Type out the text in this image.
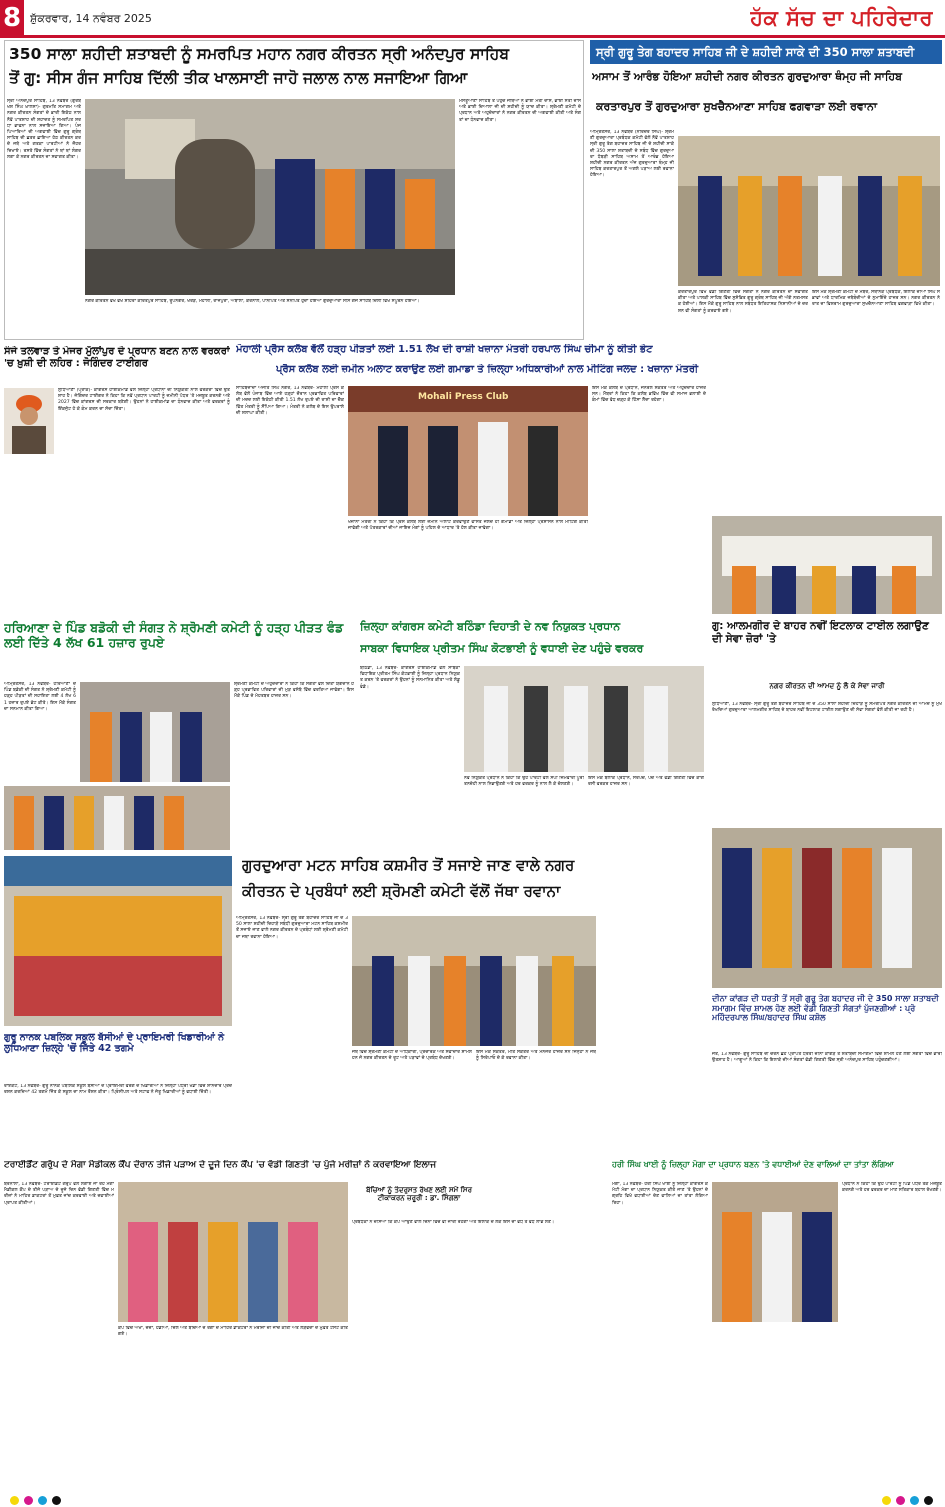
8 ਸ਼ੁੱਕਰਵਾਰ, 14 ਨਵੰਬਰ 2025	ਹੱਕ ਸੱਚ ਦਾ ਪਹਿਰੇਦਾਰ
350 ਸਾਲਾ ਸ਼ਹੀਦੀ ਸ਼ਤਾਬਦੀ ਨੂੰ ਸਮਰਪਿਤ ਮਹਾਨ ਨਗਰ ਕੀਰਤਨ ਸ੍ਰੀ ਅਨੰਦਪੁਰ ਸਾਹਿਬ
ਤੋਂ ਗੁ: ਸੀਸ ਗੰਜ ਸਾਹਿਬ ਦਿੱਲੀ ਤੀਕ ਖਾਲਸਾਈ ਜਾਹੋ ਜਲਾਲ ਨਾਲ ਸਜਾਇਆ ਗਿਆ
ਸ੍ਰੀ ਅਨੰਦਪੁਰ ਸਾਹਿਬ, 13 ਨਵੰਬਰ (ਗੁਰਬਖਸ਼ ਸਿੰਘ ਖ਼ਾਲਸਾ)- ਗੁਰਮਤਿ ਸਮਾਗਮ ਅਤੇ ਨਗਰ ਕੀਰਤਨ ਸੰਗਤਾਂ ਦੇ ਭਾਰੀ ਇਕੱਠ ਨਾਲ ਨੌਵੇਂ ਪਾਤਸ਼ਾਹ ਦੀ ਸ਼ਹਾਦਤ ਨੂੰ ਸਮਰਪਿਤ ਸ਼ਰਧਾ ਭਾਵਨਾ ਨਾਲ ਸਜਾਇਆ ਗਿਆ। ਪੰਜ ਪਿਆਰਿਆਂ ਦੀ ਅਗਵਾਈ ਵਿੱਚ ਗੁਰੂ ਗ੍ਰੰਥ ਸਾਹਿਬ ਦੀ ਛਤਰ ਛਾਇਆ ਹੇਠ ਕੀਰਤਨ ਕਰਦੇ ਜਥੇ ਅਤੇ ਗਤਕਾ ਪਾਰਟੀਆਂ ਨੇ ਜੌਹਰ ਦਿਖਾਏ। ਰਸਤੇ ਵਿੱਚ ਸੰਗਤਾਂ ਨੇ ਥਾਂ ਥਾਂ ਲੰਗਰ ਲਗਾ ਕੇ ਨਗਰ ਕੀਰਤਨ ਦਾ ਸਵਾਗਤ ਕੀਤਾ।
ਨਗਰ ਕੀਰਤਨ ਵੱਖ ਵੱਖ ਸ਼ਹਿਰਾਂ ਕੀਰਤਪੁਰ ਸਾਹਿਬ, ਰੂਪਨਗਰ, ਖਰੜ, ਮੋਹਾਲੀ, ਰਾਜਪੁਰਾ, ਅੰਬਾਲਾ, ਕਰਨਾਲ, ਪਾਨੀਪਤ ਅਤੇ ਸੋਨੀਪਤ ਹੁੰਦਾ ਹੋਇਆ ਗੁਰਦੁਆਰਾ ਸੀਸ ਗੰਜ ਸਾਹਿਬ ਦਿੱਲੀ ਵਿਖੇ ਸੰਪੂਰਨ ਹੋਇਆ।
ਮਸਤੂਆਣਾ ਸਾਹਿਬ ਤੋਂ ਪਹੁੰਚੇ ਜਥਿਆਂ ਨੇ ਭਾਈ ਮਤੀ ਦਾਸ, ਭਾਈ ਸਤੀ ਦਾਸ ਅਤੇ ਭਾਈ ਦਿਆਲਾ ਜੀ ਦੀ ਸ਼ਹੀਦੀ ਨੂੰ ਯਾਦ ਕੀਤਾ। ਸ਼੍ਰੋਮਣੀ ਕਮੇਟੀ ਦੇ ਪ੍ਰਧਾਨ ਅਤੇ ਅਹੁਦੇਦਾਰਾਂ ਨੇ ਨਗਰ ਕੀਰਤਨ ਦੀ ਅਗਵਾਈ ਕੀਤੀ ਅਤੇ ਸੰਗਤਾਂ ਦਾ ਧੰਨਵਾਦ ਕੀਤਾ।
ਸ੍ਰੀ ਗੁਰੂ ਤੇਗ ਬਹਾਦਰ ਸਾਹਿਬ ਜੀ ਦੇ ਸ਼ਹੀਦੀ ਸਾਕੇ ਦੀ 350 ਸਾਲਾ ਸ਼ਤਾਬਦੀ
ਅਸਾਮ ਤੋਂ ਆਰੰਭ ਹੋਇਆ ਸ਼ਹੀਦੀ ਨਗਰ ਕੀਰਤਨ ਗੁਰਦੁਆਰਾ ਥੰਮ੍ਹ ਜੀ ਸਾਹਿਬ
ਕਰਤਾਰਪੁਰ ਤੋਂ ਗੁਰਦੁਆਰਾ ਸੁਖਚੈਨਆਣਾ ਸਾਹਿਬ ਫਗਵਾੜਾ ਲਈ ਰਵਾਨਾ
ਅੰਮ੍ਰਿਤਸਰ, 13 ਨਵੰਬਰ (ਨਰਿੰਦਰ ਸਿੰਘ)- ਸ਼੍ਰੋਮਣੀ ਗੁਰਦੁਆਰਾ ਪ੍ਰਬੰਧਕ ਕਮੇਟੀ ਵੱਲੋਂ ਨੌਵੇਂ ਪਾਤਸ਼ਾਹ ਸ੍ਰੀ ਗੁਰੂ ਤੇਗ ਬਹਾਦਰ ਸਾਹਿਬ ਜੀ ਦੇ ਸ਼ਹੀਦੀ ਸਾਕੇ ਦੀ 350 ਸਾਲਾ ਸ਼ਤਾਬਦੀ ਦੇ ਸਬੰਧ ਵਿੱਚ ਗੁਰਦੁਆਰਾ ਧੋਬੜੀ ਸਾਹਿਬ ਅਸਾਮ ਤੋਂ ਆਰੰਭ ਹੋਇਆ ਸ਼ਹੀਦੀ ਨਗਰ ਕੀਰਤਨ ਅੱਜ ਗੁਰਦੁਆਰਾ ਥੰਮ੍ਹ ਜੀ ਸਾਹਿਬ ਕਰਤਾਰਪੁਰ ਤੋਂ ਅਗਲੇ ਪੜਾਅ ਲਈ ਰਵਾਨਾ ਹੋਇਆ।
ਕਰਤਾਰਪੁਰ ਵਿਖੇ ਵੱਡੀ ਗਿਣਤੀ ਵਿੱਚ ਸੰਗਤਾਂ ਨੇ ਨਗਰ ਕੀਰਤਨ ਦਾ ਸਵਾਗਤ ਕੀਤਾ ਅਤੇ ਪਾਲਕੀ ਸਾਹਿਬ ਵਿੱਚ ਸੁਸ਼ੋਭਿਤ ਗੁਰੂ ਗ੍ਰੰਥ ਸਾਹਿਬ ਜੀ ਅੱਗੇ ਨਤਮਸਤਕ ਹੋਈਆਂ। ਇਸ ਮੌਕੇ ਗੁਰੂ ਸਾਹਿਬ ਨਾਲ ਸਬੰਧਤ ਇਤਿਹਾਸਕ ਨਿਸ਼ਾਨੀਆਂ ਦੇ ਦਰਸ਼ਨ ਵੀ ਸੰਗਤਾਂ ਨੂੰ ਕਰਵਾਏ ਗਏ।
ਇਸ ਮੌਕੇ ਸ਼੍ਰੋਮਣੀ ਕਮੇਟੀ ਦੇ ਮੈਂਬਰ, ਸਥਾਨਕ ਪ੍ਰਬੰਧਕ, ਇਲਾਕੇ ਦੀਆਂ ਸਿੰਘ ਸਭਾਵਾਂ ਅਤੇ ਧਾਰਮਿਕ ਜਥੇਬੰਦੀਆਂ ਦੇ ਨੁਮਾਇੰਦੇ ਹਾਜ਼ਰ ਸਨ। ਨਗਰ ਕੀਰਤਨ ਨੇ ਰਾਤ ਦਾ ਵਿਸ਼ਰਾਮ ਗੁਰਦੁਆਰਾ ਸੁਖਚੈਨਆਣਾ ਸਾਹਿਬ ਫਗਵਾੜਾ ਵਿਖੇ ਕੀਤਾ।
ਸੰਜੇ ਤਲਵਾੜ ਤੇ ਮੇਜਰ ਮੁੱਲਾਂਪੁਰ ਦੇ ਪ੍ਰਧਾਨ ਬਣਨ ਨਾਲ ਵਰਕਰਾਂ 'ਚ ਖ਼ੁਸ਼ੀ ਦੀ ਲਹਿਰ : ਜੋਗਿੰਦਰ ਟਾਈਗਰ
ਲੁਧਿਆਣਾ (ਪ੍ਰਾਕ)- ਕਾਂਗਰਸ ਹਾਈਕਮਾਂਡ ਵੱਲੋਂ ਜ਼ਿਲ੍ਹਾ ਪ੍ਰਧਾਨਾਂ ਦੀ ਨਿਯੁਕਤੀ ਨਾਲ ਵਰਕਰਾਂ ਵਿੱਚ ਉਤਸ਼ਾਹ ਹੈ। ਜੋਗਿੰਦਰ ਟਾਈਗਰ ਨੇ ਕਿਹਾ ਕਿ ਨਵੇਂ ਪ੍ਰਧਾਨ ਪਾਰਟੀ ਨੂੰ ਜ਼ਮੀਨੀ ਪੱਧਰ 'ਤੇ ਮਜ਼ਬੂਤ ਕਰਨਗੇ ਅਤੇ 2027 ਵਿੱਚ ਕਾਂਗਰਸ ਦੀ ਸਰਕਾਰ ਬਣੇਗੀ। ਉਹਨਾਂ ਨੇ ਹਾਈਕਮਾਂਡ ਦਾ ਧੰਨਵਾਦ ਕੀਤਾ ਅਤੇ ਵਰਕਰਾਂ ਨੂੰ ਇੱਕਜੁੱਟ ਹੋ ਕੇ ਕੰਮ ਕਰਨ ਦਾ ਸੱਦਾ ਦਿੱਤਾ।
ਮੋਹਾਲੀ ਪ੍ਰੈਸ ਕਲੱਬ ਵੱਲੋਂ ਹੜ੍ਹ ਪੀੜਤਾਂ ਲਈ 1.51 ਲੱਖ ਦੀ ਰਾਸ਼ੀ ਖਜ਼ਾਨਾ ਮੰਤਰੀ ਹਰਪਾਲ ਸਿੰਘ ਚੀਮਾ ਨੂੰ ਕੀਤੀ ਭੇਟ
ਪ੍ਰੈਸ ਕਲੱਬ ਲਈ ਜ਼ਮੀਨ ਅਲਾਟ ਕਰਾਉਣ ਲਈ ਗਮਾਡਾ ਤੇ ਜ਼ਿਲ੍ਹਾ ਅਧਿਕਾਰੀਆਂ ਨਾਲ ਮੀਟਿੰਗ ਜਲਦ : ਖਜ਼ਾਨਾ ਮੰਤਰੀ
ਸਾਹਿਬਜ਼ਾਦਾ ਅਜੀਤ ਸਿੰਘ ਨਗਰ, 13 ਨਵੰਬਰ- ਮੋਹਾਲੀ ਪ੍ਰੈਸ ਕਲੱਬ ਵੱਲੋਂ ਪੰਜਾਬ ਵਿੱਚ ਆਏ ਹੜ੍ਹਾਂ ਦੌਰਾਨ ਪ੍ਰਭਾਵਿਤ ਪਰਿਵਾਰਾਂ ਦੀ ਮਦਦ ਲਈ ਇਕੱਠੀ ਕੀਤੀ 1.51 ਲੱਖ ਰੁਪਏ ਦੀ ਰਾਸ਼ੀ ਦਾ ਚੈੱਕ ਵਿੱਤ ਮੰਤਰੀ ਨੂੰ ਸੌਂਪਿਆ ਗਿਆ। ਮੰਤਰੀ ਨੇ ਕਲੱਬ ਦੇ ਇਸ ਉਪਰਾਲੇ ਦੀ ਸ਼ਲਾਘਾ ਕੀਤੀ।
Mohali Press Club
ਖਜ਼ਾਨਾ ਮੰਤਰੀ ਨੇ ਕਿਹਾ ਕਿ ਪ੍ਰੈਸ ਕਲੱਬ ਲਈ ਜ਼ਮੀਨ ਅਲਾਟ ਕਰਵਾਉਣ ਵਾਸਤੇ ਜਲਦ ਹੀ ਗਮਾਡਾ ਅਤੇ ਜ਼ਿਲ੍ਹਾ ਪ੍ਰਸ਼ਾਸਨ ਨਾਲ ਮੀਟਿੰਗ ਕੀਤੀ ਜਾਵੇਗੀ ਅਤੇ ਪੱਤਰਕਾਰਾਂ ਦੀਆਂ ਜਾਇਜ਼ ਮੰਗਾਂ ਨੂੰ ਪਹਿਲ ਦੇ ਆਧਾਰ 'ਤੇ ਹੱਲ ਕੀਤਾ ਜਾਵੇਗਾ।
ਇਸ ਮੌਕੇ ਕਲੱਬ ਦੇ ਪ੍ਰਧਾਨ, ਜਨਰਲ ਸਕੱਤਰ ਅਤੇ ਅਹੁਦੇਦਾਰ ਹਾਜ਼ਰ ਸਨ। ਮੈਂਬਰਾਂ ਨੇ ਕਿਹਾ ਕਿ ਕਲੱਬ ਭਵਿੱਖ ਵਿੱਚ ਵੀ ਸਮਾਜ ਭਲਾਈ ਦੇ ਕੰਮਾਂ ਵਿੱਚ ਵੱਧ ਚੜ੍ਹ ਕੇ ਹਿੱਸਾ ਲੈਂਦਾ ਰਹੇਗਾ।
ਹਰਿਆਣਾ ਦੇ ਪਿੰਡ ਬਡੋਕੀ ਦੀ ਸੰਗਤ ਨੇ ਸ਼੍ਰੋਮਣੀ ਕਮੇਟੀ ਨੂੰ ਹੜ੍ਹ ਪੀੜਤ ਫੰਡ ਲਈ ਦਿੱਤੇ 4 ਲੱਖ 61 ਹਜ਼ਾਰ ਰੁਪਏ
ਅੰਮ੍ਰਿਤਸਰ, 13 ਨਵੰਬਰ- ਹਰਿਆਣਾ ਦੇ ਪਿੰਡ ਬਡੋਕੀ ਦੀ ਸੰਗਤ ਨੇ ਸ਼੍ਰੋਮਣੀ ਕਮੇਟੀ ਨੂੰ ਹੜ੍ਹ ਪੀੜਤਾਂ ਦੀ ਸਹਾਇਤਾ ਲਈ 4 ਲੱਖ 61 ਹਜ਼ਾਰ ਰੁਪਏ ਭੇਟ ਕੀਤੇ। ਇਸ ਮੌਕੇ ਸੰਗਤ ਦਾ ਸਨਮਾਨ ਕੀਤਾ ਗਿਆ।
ਸ਼੍ਰੋਮਣੀ ਕਮੇਟੀ ਦੇ ਅਹੁਦੇਦਾਰਾਂ ਨੇ ਕਿਹਾ ਕਿ ਸੰਗਤਾਂ ਵੱਲੋਂ ਦਿੱਤਾ ਯੋਗਦਾਨ ਹੜ੍ਹ ਪ੍ਰਭਾਵਿਤ ਪਰਿਵਾਰਾਂ ਦੀ ਮੁੜ ਵਸੇਬੇ ਵਿੱਚ ਵਰਤਿਆ ਜਾਵੇਗਾ। ਇਸ ਮੌਕੇ ਪਿੰਡ ਦੇ ਮੋਹਤਬਰ ਹਾਜ਼ਰ ਸਨ।
ਜ਼ਿਲ੍ਹਾ ਕਾਂਗਰਸ ਕਮੇਟੀ ਬਠਿੰਡਾ ਦਿਹਾਤੀ ਦੇ ਨਵ ਨਿਯੁਕਤ ਪ੍ਰਧਾਨ
ਸਾਬਕਾ ਵਿਧਾਇਕ ਪ੍ਰੀਤਮ ਸਿੰਘ ਕੋਟਭਾਈ ਨੂੰ ਵਧਾਈ ਦੇਣ ਪਹੁੰਚੇ ਵਰਕਰ
ਬਠਿੰਡਾ, 13 ਨਵੰਬਰ- ਕਾਂਗਰਸ ਹਾਈਕਮਾਂਡ ਵੱਲੋਂ ਸਾਬਕਾ ਵਿਧਾਇਕ ਪ੍ਰੀਤਮ ਸਿੰਘ ਕੋਟਭਾਈ ਨੂੰ ਜ਼ਿਲ੍ਹਾ ਪ੍ਰਧਾਨ ਨਿਯੁਕਤ ਕਰਨ 'ਤੇ ਵਰਕਰਾਂ ਨੇ ਉਹਨਾਂ ਨੂੰ ਸਨਮਾਨਿਤ ਕੀਤਾ ਅਤੇ ਲੱਡੂ ਵੰਡੇ।
ਨਵ ਨਿਯੁਕਤ ਪ੍ਰਧਾਨ ਨੇ ਕਿਹਾ ਕਿ ਉਹ ਪਾਰਟੀ ਵੱਲੋਂ ਸੌਂਪੀ ਜ਼ਿੰਮੇਵਾਰੀ ਪੂਰੀ ਤਨਦੇਹੀ ਨਾਲ ਨਿਭਾਉਣਗੇ ਅਤੇ ਹਰ ਵਰਕਰ ਨੂੰ ਨਾਲ ਲੈ ਕੇ ਚੱਲਣਗੇ।
ਇਸ ਮੌਕੇ ਬਲਾਕ ਪ੍ਰਧਾਨ, ਸਰਪੰਚ, ਪੰਚ ਅਤੇ ਵੱਡੀ ਗਿਣਤੀ ਵਿੱਚ ਕਾਂਗਰਸੀ ਵਰਕਰ ਹਾਜ਼ਰ ਸਨ।
ਗੁ: ਆਲਮਗੀਰ ਦੇ ਬਾਹਰ ਨਵੀਂ ਇਟਲਾਕ ਟਾਈਲ ਲਗਾਉਣ ਦੀ ਸੇਵਾ ਜ਼ੋਰਾਂ 'ਤੇ
ਨਗਰ ਕੀਰਤਨ ਦੀ ਆਮਦ ਨੂੰ ਲੈ ਕੇ ਸੇਵਾ ਜਾਰੀ
ਲੁਧਿਆਣਾ, 13 ਨਵੰਬਰ- ਸ੍ਰੀ ਗੁਰੂ ਤੇਗ ਬਹਾਦਰ ਸਾਹਿਬ ਜੀ ਦੇ 350 ਸਾਲਾ ਸ਼ਹੀਦੀ ਦਿਹਾੜੇ ਨੂੰ ਸਮਰਪਿਤ ਨਗਰ ਕੀਰਤਨ ਦੀ ਆਮਦ ਨੂੰ ਮੁੱਖ ਰੱਖਦਿਆਂ ਗੁਰਦੁਆਰਾ ਆਲਮਗੀਰ ਸਾਹਿਬ ਦੇ ਬਾਹਰ ਨਵੀਂ ਇਟਲਾਕ ਟਾਈਲ ਲਗਾਉਣ ਦੀ ਸੇਵਾ ਸੰਗਤਾਂ ਵੱਲੋਂ ਕੀਤੀ ਜਾ ਰਹੀ ਹੈ।
ਦੀਨਾ ਕਾਂਗੜ ਦੀ ਧਰਤੀ ਤੋਂ ਸ੍ਰੀ ਗੁਰੂ ਤੇਗ ਬਹਾਦਰ ਜੀ ਦੇ 350 ਸਾਲਾ ਸ਼ਤਾਬਦੀ ਸਮਾਗਮ ਵਿੱਚ ਸ਼ਾਮਲ ਹੋਣ ਲਈ ਵੱਡੀ ਗਿਣਤੀ ਸੰਗਤਾਂ ਪੁੱਜਣਗੀਆਂ : ਪ੍ਰੋ ਮਹਿੰਦਰਪਾਲ ਸਿੰਘ/ਬਹਾਦਰ ਸਿੰਘ ਕਸ਼ੋਲ
ਜੈਤੋ, 13 ਨਵੰਬਰ- ਗੁਰੂ ਸਾਹਿਬ ਦੀ ਚਰਨ ਛੋਹ ਪ੍ਰਾਪਤ ਧਰਤੀ ਦੀਨਾ ਕਾਂਗੜ ਤੋਂ ਸ਼ਤਾਬਦੀ ਸਮਾਗਮਾਂ ਵਿੱਚ ਸ਼ਾਮਲ ਹੋਣ ਲਈ ਸੰਗਤਾਂ ਵਿੱਚ ਭਾਰੀ ਉਤਸ਼ਾਹ ਹੈ। ਆਗੂਆਂ ਨੇ ਕਿਹਾ ਕਿ ਇਲਾਕੇ ਦੀਆਂ ਸੰਗਤਾਂ ਵੱਡੀ ਗਿਣਤੀ ਵਿੱਚ ਸ੍ਰੀ ਅਨੰਦਪੁਰ ਸਾਹਿਬ ਪਹੁੰਚਣਗੀਆਂ।
ਗੁਰਦੁਆਰਾ ਮਟਨ ਸਾਹਿਬ ਕਸ਼ਮੀਰ ਤੋਂ ਸਜਾਏ ਜਾਣ ਵਾਲੇ ਨਗਰ
ਕੀਰਤਨ ਦੇ ਪ੍ਰਬੰਧਾਂ ਲਈ ਸ਼੍ਰੋਮਣੀ ਕਮੇਟੀ ਵੱਲੋਂ ਜੱਥਾ ਰਵਾਨਾ
ਅੰਮ੍ਰਿਤਸਰ, 13 ਨਵੰਬਰ- ਸ੍ਰੀ ਗੁਰੂ ਤੇਗ ਬਹਾਦਰ ਸਾਹਿਬ ਜੀ ਦੇ 350 ਸਾਲਾ ਸ਼ਹੀਦੀ ਦਿਹਾੜੇ ਸਬੰਧੀ ਗੁਰਦੁਆਰਾ ਮਟਨ ਸਾਹਿਬ ਕਸ਼ਮੀਰ ਤੋਂ ਸਜਾਏ ਜਾਣ ਵਾਲੇ ਨਗਰ ਕੀਰਤਨ ਦੇ ਪ੍ਰਬੰਧਾਂ ਲਈ ਸ਼੍ਰੋਮਣੀ ਕਮੇਟੀ ਦਾ ਜਥਾ ਰਵਾਨਾ ਹੋਇਆ।
ਜਥੇ ਵਿੱਚ ਸ਼੍ਰੋਮਣੀ ਕਮੇਟੀ ਦੇ ਅਧਿਕਾਰੀ, ਪ੍ਰਚਾਰਕ ਅਤੇ ਸੇਵਾਦਾਰ ਸ਼ਾਮਲ ਹਨ ਜੋ ਨਗਰ ਕੀਰਤਨ ਦੇ ਰੂਟ ਅਤੇ ਪੜਾਵਾਂ ਦੇ ਪ੍ਰਬੰਧ ਦੇਖਣਗੇ।
ਇਸ ਮੌਕੇ ਸਕੱਤਰ, ਮੀਤ ਸਕੱਤਰ ਅਤੇ ਮੈਨੇਜਰ ਹਾਜ਼ਰ ਸਨ ਜਿਨ੍ਹਾਂ ਨੇ ਜਥੇ ਨੂੰ ਸਿਰੋਪਾਓ ਦੇ ਕੇ ਰਵਾਨਾ ਕੀਤਾ।
ਗੁਰੂ ਨਾਨਕ ਪਬਲਿਕ ਸਕੂਲ ਬੱਸੀਆਂ ਦੇ ਪ੍ਰਾਇਮਰੀ ਖਿਡਾਰੀਆਂ ਨੇ ਲੁਧਿਆਣਾ ਜ਼ਿਲ੍ਹੇ 'ਚੋਂ ਜਿੱਤੇ 42 ਤਗਮੇ
ਰਾਏਕੋਟ, 13 ਨਵੰਬਰ- ਗੁਰੂ ਨਾਨਕ ਪਬਲਿਕ ਸਕੂਲ ਬੱਸੀਆਂ ਦੇ ਪ੍ਰਾਇਮਰੀ ਵਰਗ ਦੇ ਖਿਡਾਰੀਆਂ ਨੇ ਜ਼ਿਲ੍ਹਾ ਪੱਧਰੀ ਖੇਡਾਂ ਵਿੱਚ ਸ਼ਾਨਦਾਰ ਪ੍ਰਦਰਸ਼ਨ ਕਰਦਿਆਂ 42 ਤਗਮੇ ਜਿੱਤ ਕੇ ਸਕੂਲ ਦਾ ਨਾਮ ਰੌਸ਼ਨ ਕੀਤਾ। ਪ੍ਰਿੰਸੀਪਲ ਅਤੇ ਸਟਾਫ ਨੇ ਜੇਤੂ ਖਿਡਾਰੀਆਂ ਨੂੰ ਵਧਾਈ ਦਿੱਤੀ।
ਟਰਾਈਡੈਂਟ ਗਰੁੱਪ ਦੇ ਮੈਗਾ ਮੈਡੀਕਲ ਕੈਂਪ ਦੌਰਾਨ ਤੀਜੇ ਪੜਾਅ ਦੇ ਦੂਜੇ ਦਿਨ ਕੈਂਪ 'ਚ ਵੱਡੀ ਗਿਣਤੀ 'ਚ ਪੁੱਜੇ ਮਰੀਜ਼ਾਂ ਨੇ ਕਰਵਾਇਆ ਇਲਾਜ
ਬਰਨਾਲਾ, 13 ਨਵੰਬਰ- ਟਰਾਈਡੈਂਟ ਗਰੁੱਪ ਵੱਲੋਂ ਲਗਾਏ ਜਾ ਰਹੇ ਮੈਗਾ ਮੈਡੀਕਲ ਕੈਂਪ ਦੇ ਤੀਜੇ ਪੜਾਅ ਦੇ ਦੂਜੇ ਦਿਨ ਵੱਡੀ ਗਿਣਤੀ ਵਿੱਚ ਮਰੀਜ਼ਾਂ ਨੇ ਮਾਹਿਰ ਡਾਕਟਰਾਂ ਤੋਂ ਮੁਫ਼ਤ ਜਾਂਚ ਕਰਵਾਈ ਅਤੇ ਦਵਾਈਆਂ ਪ੍ਰਾਪਤ ਕੀਤੀਆਂ।
ਕੈਂਪ ਵਿੱਚ ਅੱਖਾਂ, ਦੰਦਾਂ, ਹੱਡੀਆਂ, ਦਿਲ ਅਤੇ ਬੱਚਿਆਂ ਦੇ ਰੋਗਾਂ ਦੇ ਮਾਹਿਰ ਡਾਕਟਰਾਂ ਨੇ ਮਰੀਜ਼ਾਂ ਦੀ ਜਾਂਚ ਕੀਤੀ ਅਤੇ ਲੋੜਵੰਦਾਂ ਦੇ ਮੁਫ਼ਤ ਟੈਸਟ ਕੀਤੇ ਗਏ।
ਬੱਚਿਆਂ ਨੂੰ ਤੰਦਰੁਸਤ ਰੱਖਣ ਲਈ ਸਮੇਂ ਸਿਰ ਟੀਕਾਕਰਨ ਜ਼ਰੂਰੀ : ਡਾ. ਸਿੰਗਲਾ
ਪ੍ਰਬੰਧਕਾਂ ਨੇ ਦੱਸਿਆ ਕਿ ਕੈਂਪ ਆਉਣ ਵਾਲੇ ਦਿਨਾਂ ਵਿੱਚ ਵੀ ਜਾਰੀ ਰਹੇਗਾ ਅਤੇ ਇਲਾਕੇ ਦੇ ਲੋਕ ਇਸ ਦਾ ਵੱਧ ਤੋਂ ਵੱਧ ਲਾਭ ਲੈਣ।
ਹਰੀ ਸਿੰਘ ਖਾਈ ਨੂੰ ਜ਼ਿਲ੍ਹਾ ਮੋਗਾ ਦਾ ਪ੍ਰਧਾਨ ਬਣਨ 'ਤੇ ਵਧਾਈਆਂ ਦੇਣ ਵਾਲਿਆਂ ਦਾ ਤਾਂਤਾ ਲੱਗਿਆ
ਮੋਗਾ, 13 ਨਵੰਬਰ- ਹਰੀ ਸਿੰਘ ਖਾਈ ਨੂੰ ਜ਼ਿਲ੍ਹਾ ਕਾਂਗਰਸ ਕਮੇਟੀ ਮੋਗਾ ਦਾ ਪ੍ਰਧਾਨ ਨਿਯੁਕਤ ਕੀਤੇ ਜਾਣ 'ਤੇ ਉਹਨਾਂ ਦੇ ਗ੍ਰਹਿ ਵਿਖੇ ਵਧਾਈਆਂ ਦੇਣ ਵਾਲਿਆਂ ਦਾ ਤਾਂਤਾ ਲੱਗਿਆ ਰਿਹਾ।
ਪ੍ਰਧਾਨ ਨੇ ਕਿਹਾ ਕਿ ਉਹ ਪਾਰਟੀ ਨੂੰ ਪਿੰਡ ਪੱਧਰ ਤੱਕ ਮਜ਼ਬੂਤ ਕਰਨਗੇ ਅਤੇ ਹਰ ਵਰਕਰ ਦਾ ਮਾਣ ਸਤਿਕਾਰ ਬਹਾਲ ਰੱਖਣਗੇ।
